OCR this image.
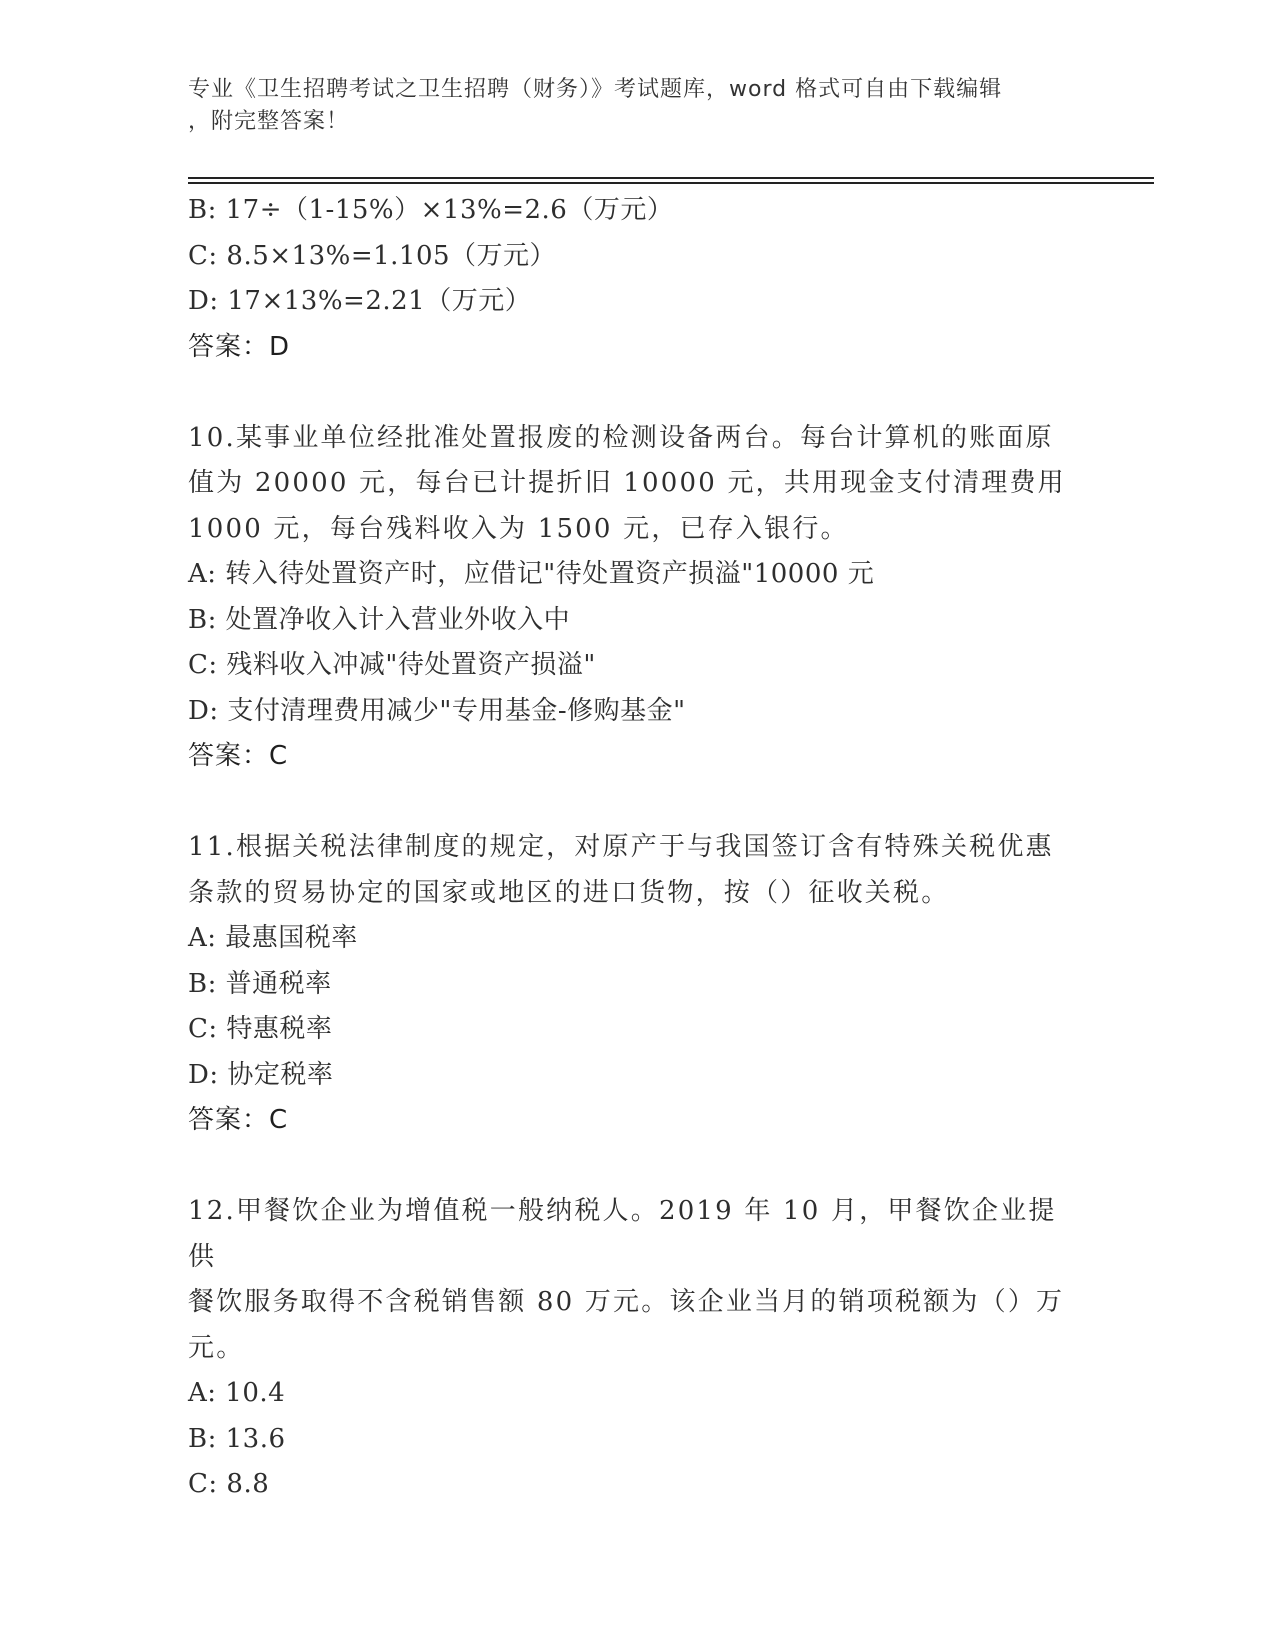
专业《卫生招聘考试之卫生招聘（财务）》考试题库，word 格式可自由下载编辑
，附完整答案！
B: 17÷（1-15%）×13%=2.6（万元）
C: 8.5×13%=1.105（万元）
D: 17×13%=2.21（万元）
答案：D
10.某事业单位经批准处置报废的检测设备两台。每台计算机的账面原
值为 20000 元，每台已计提折旧 10000 元，共用现金支付清理费用
1000 元，每台残料收入为 1500 元，已存入银行。
A: 转入待处置资产时，应借记"待处置资产损溢"10000 元
B: 处置净收入计入营业外收入中
C: 残料收入冲减"待处置资产损溢"
D: 支付清理费用减少"专用基金-修购基金"
答案：C
11.根据关税法律制度的规定，对原产于与我国签订含有特殊关税优惠
条款的贸易协定的国家或地区的进口货物，按（）征收关税。
A: 最惠国税率
B: 普通税率
C: 特惠税率
D: 协定税率
答案：C
12.甲餐饮企业为增值税一般纳税人。2019 年 10 月，甲餐饮企业提供
餐饮服务取得不含税销售额 80 万元。该企业当月的销项税额为（）万
元。
A: 10.4
B: 13.6
C: 8.8
